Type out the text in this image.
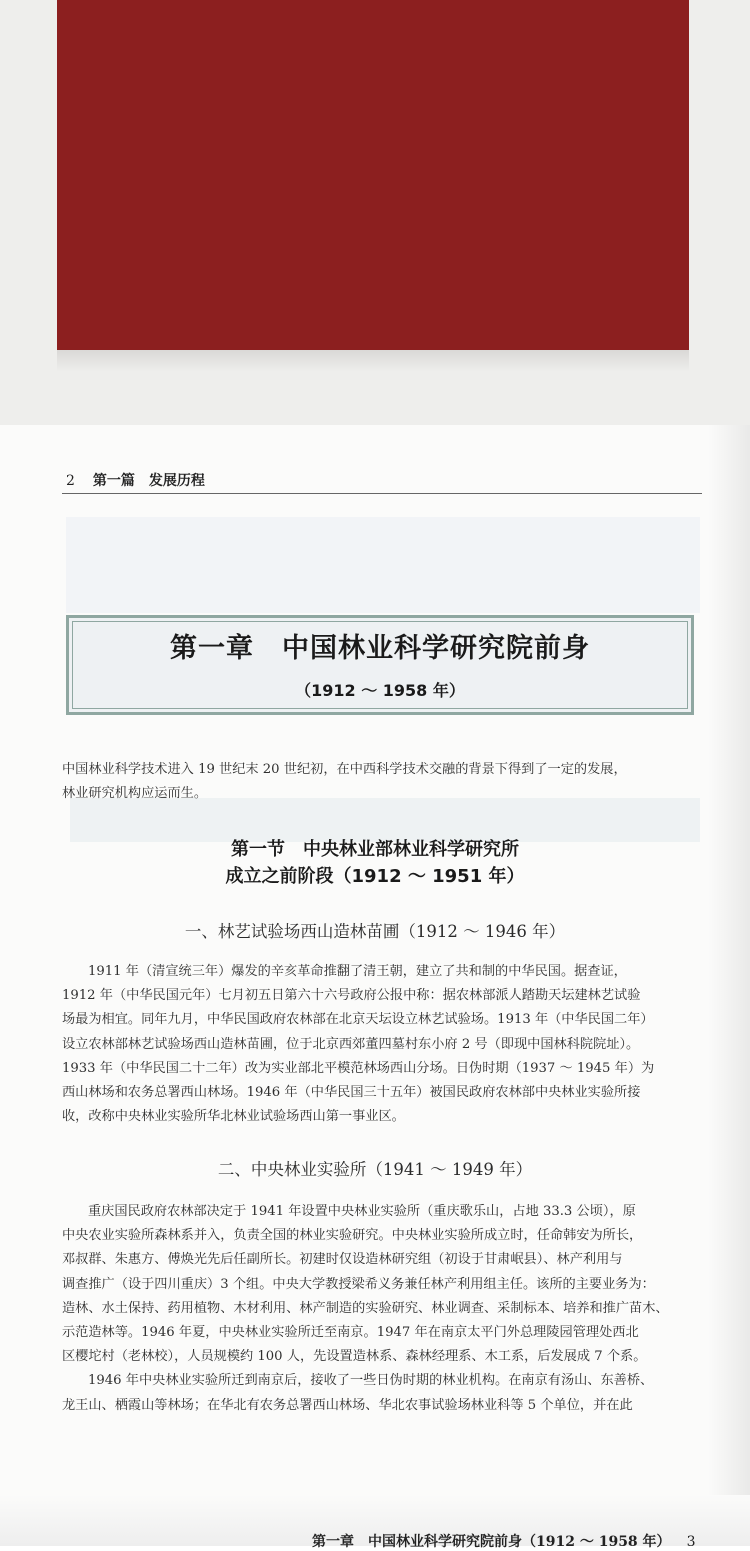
2 第一篇　发展历程
第一章　中国林业科学研究院前身
（1912 ～ 1958 年）
中国林业科学技术进入 19 世纪末 20 世纪初，在中西科学技术交融的背景下得到了一定的发展，
林业研究机构应运而生。
第一节　中央林业部林业科学研究所
成立之前阶段（1912 ～ 1951 年）
一、林艺试验场西山造林苗圃（1912 ～ 1946 年）
1911 年（清宣统三年）爆发的辛亥革命推翻了清王朝，建立了共和制的中华民国。据查证，
1912 年（中华民国元年）七月初五日第六十六号政府公报中称：据农林部派人踏勘天坛建林艺试验
场最为相宜。同年九月，中华民国政府农林部在北京天坛设立林艺试验场。1913 年（中华民国二年）
设立农林部林艺试验场西山造林苗圃，位于北京西郊董四墓村东小府 2 号（即现中国林科院院址）。
1933 年（中华民国二十二年）改为实业部北平模范林场西山分场。日伪时期（1937 ～ 1945 年）为
西山林场和农务总署西山林场。1946 年（中华民国三十五年）被国民政府农林部中央林业实验所接
收，改称中央林业实验所华北林业试验场西山第一事业区。
二、中央林业实验所（1941 ～ 1949 年）
重庆国民政府农林部决定于 1941 年设置中央林业实验所（重庆歌乐山，占地 33.3 公顷），原
中央农业实验所森林系并入，负责全国的林业实验研究。中央林业实验所成立时，任命韩安为所长，
邓叔群、朱惠方、傅焕光先后任副所长。初建时仅设造林研究组（初设于甘肃岷县）、林产利用与
调查推广（设于四川重庆）3 个组。中央大学教授梁希义务兼任林产利用组主任。该所的主要业务为：
造林、水土保持、药用植物、木材利用、林产制造的实验研究、林业调查、采制标本、培养和推广苗木、
示范造林等。1946 年夏，中央林业实验所迁至南京。1947 年在南京太平门外总理陵园管理处西北
区樱坨村（老林校），人员规模约 100 人，先设置造林系、森林经理系、木工系，后发展成 7 个系。
1946 年中央林业实验所迁到南京后，接收了一些日伪时期的林业机构。在南京有汤山、东善桥、
龙王山、栖霞山等林场；在华北有农务总署西山林场、华北农事试验场林业科等 5 个单位，并在此
第一章　中国林业科学研究院前身（1912 ～ 1958 年） 3
